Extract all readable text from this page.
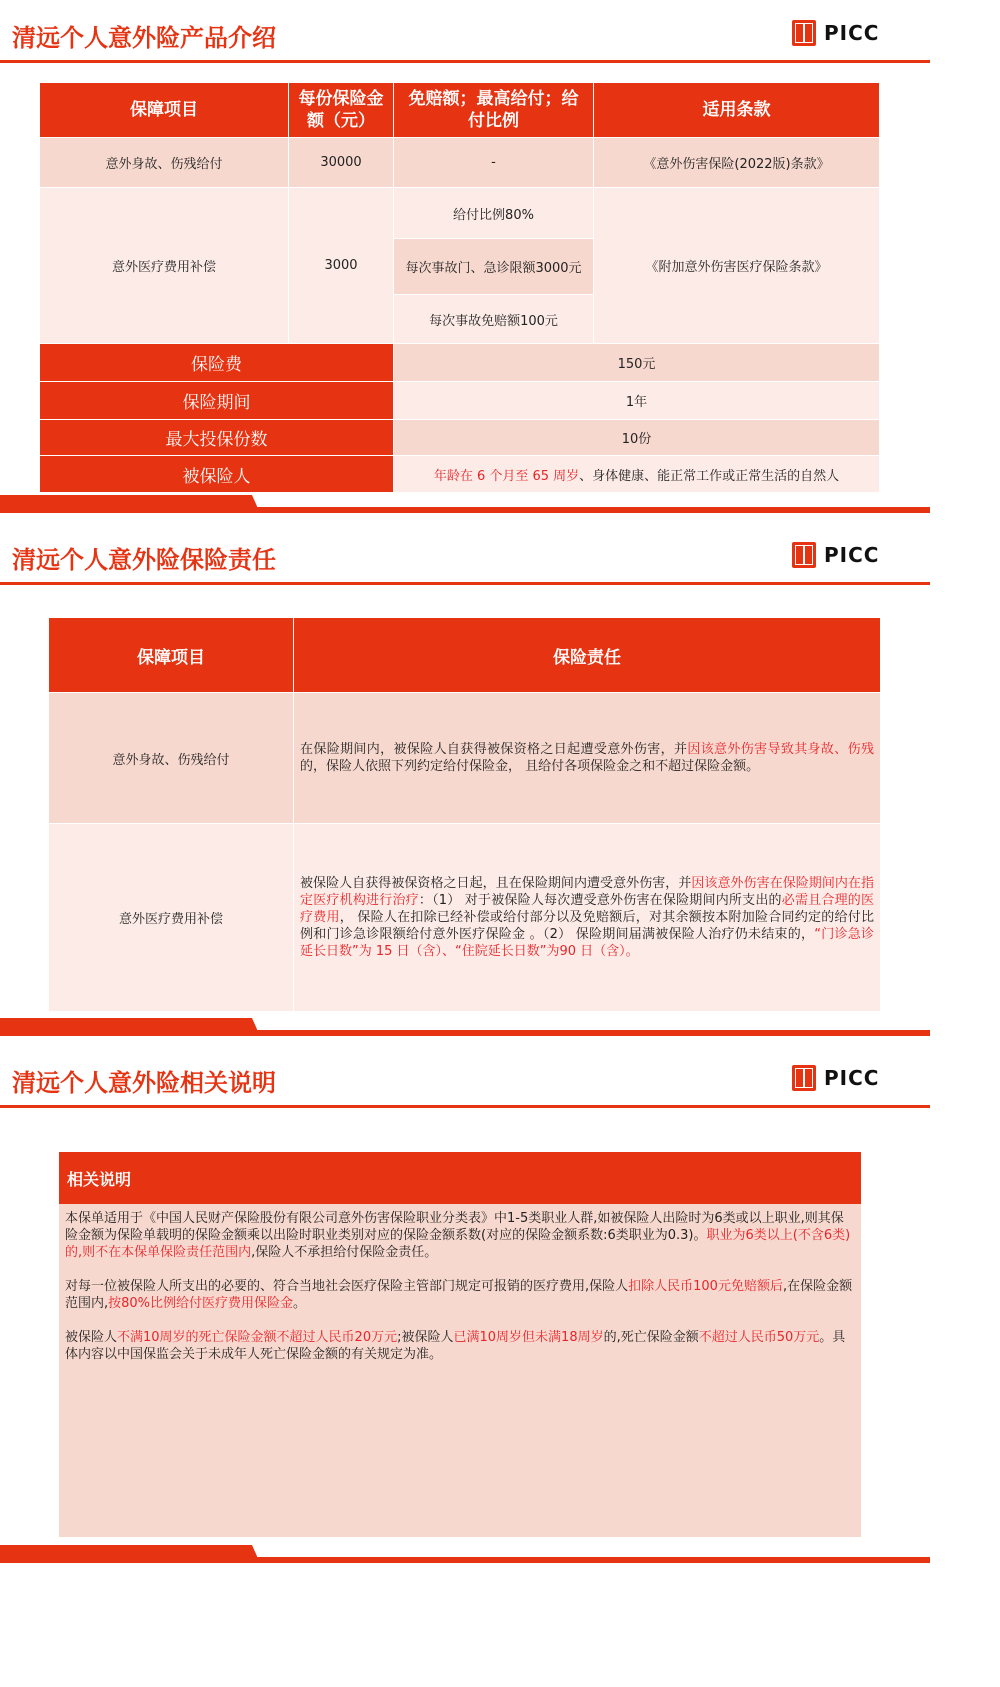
清远个人意外险产品介绍	PICC
保障项目	每份保险金额（元）	免赔额；最高给付；给付比例	适用条款
意外身故、伤残给付	30000	-	《意外伤害保险(2022版)条款》
意外医疗费用补偿	3000	给付比例80%	《附加意外伤害医疗保险条款》
		每次事故门、急诊限额3000元	
		每次事故免赔额100元	
保险费		150元	
保险期间		1年	
最大投保份数		10份	
被保险人		年龄在 6 个月至 65 周岁、身体健康、能正常工作或正常生活的自然人	
清远个人意外险保险责任	PICC
保障项目	保险责任
意外身故、伤残给付	在保险期间内，被保险人自获得被保资格之日起遭受意外伤害，并因该意外伤害导致其身故、伤残的，保险人依照下列约定给付保险金， 且给付各项保险金之和不超过保险金额。
意外医疗费用补偿	被保险人自获得被保资格之日起，且在保险期间内遭受意外伤害，并因该意外伤害在保险期间内在指定医疗机构进行治疗：（1） 对于被保险人每次遭受意外伤害在保险期间内所支出的必需且合理的医疗费用， 保险人在扣除已经补偿或给付部分以及免赔额后，对其余额按本附加险合同约定的给付比例和门诊急诊限额给付意外医疗保险金 。（2） 保险期间届满被保险人治疗仍未结束的，“门诊急诊延长日数”为 15 日（含）、“住院延长日数”为90 日（含）。
清远个人意外险相关说明	PICC
相关说明

本保单适用于《中国人民财产保险股份有限公司意外伤害保险职业分类表》中1-5类职业人群,如被保险人出险时为6类或以上职业,则其保险金额为保险单载明的保险金额乘以出险时职业类别对应的保险金额系数(对应的保险金额系数:6类职业为0.3)。职业为6类以上(不含6类)的,则不在本保单保险责任范围内,保险人不承担给付保险金责任。

对每一位被保险人所支出的必要的、符合当地社会医疗保险主管部门规定可报销的医疗费用,保险人扣除人民币100元免赔额后,在保险金额范围内,按80%比例给付医疗费用保险金。

被保险人不满10周岁的死亡保险金额不超过人民币20万元;被保险人已满10周岁但未满18周岁的,死亡保险金额不超过人民币50万元。具体内容以中国保监会关于未成年人死亡保险金额的有关规定为准。
